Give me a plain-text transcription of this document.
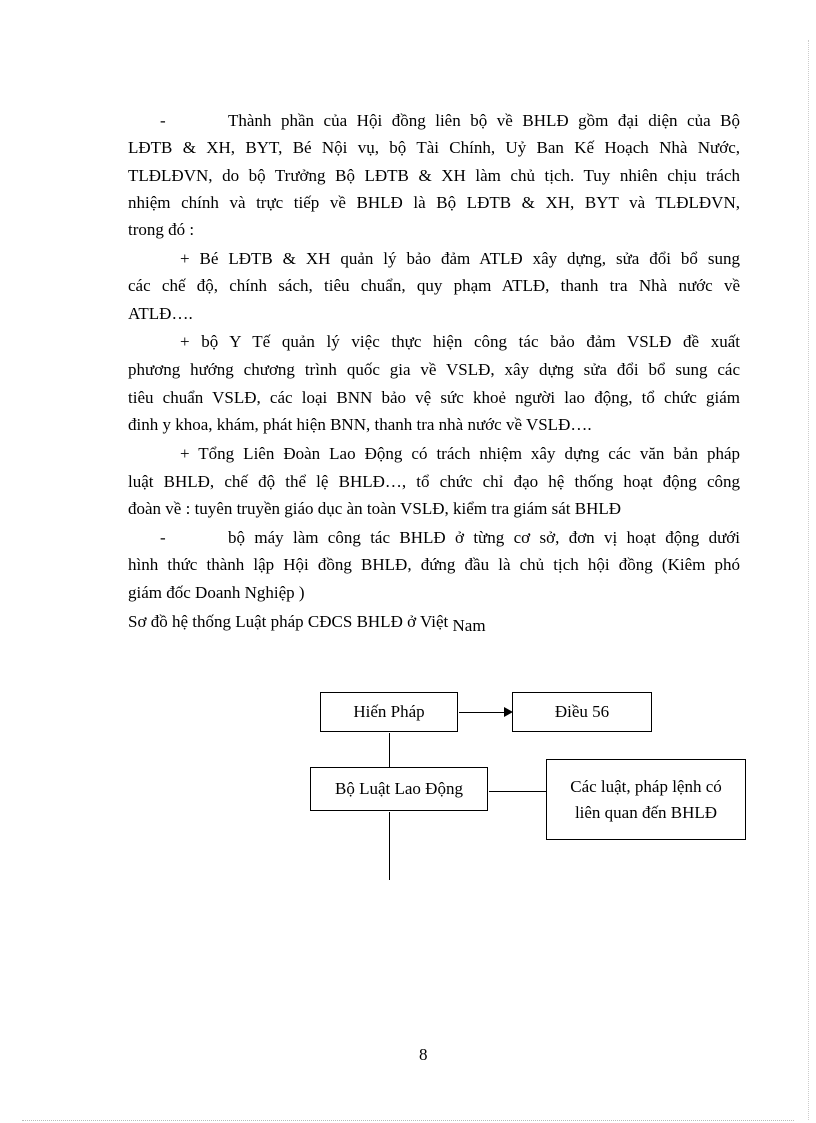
-	Thành phần của Hội đồng liên bộ về BHLĐ gồm đại diện của Bộ
LĐTB & XH, BYT, Bé Nội vụ, bộ Tài Chính, Uỷ Ban Kế Hoạch Nhà Nước,
TLĐLĐVN, do bộ Trưởng Bộ LĐTB & XH làm chủ tịch. Tuy nhiên chịu trách
nhiệm chính và trực tiếp về BHLĐ là Bộ LĐTB & XH, BYT và TLĐLĐVN,
trong đó :
+ Bé LĐTB & XH quản lý bảo đảm ATLĐ xây dựng, sửa đổi bổ sung
các chế độ, chính sách, tiêu chuẩn, quy phạm ATLĐ, thanh tra Nhà nước về
ATLĐ….
+ bộ Y Tế quản lý việc thực hiện công tác bảo đảm VSLĐ đề xuất
phương hướng chương trình quốc gia về VSLĐ, xây dựng sửa đổi bổ sung các
tiêu chuẩn VSLĐ, các loại BNN bảo vệ sức khoẻ người lao động, tổ chức giám
đinh y khoa, khám, phát hiện BNN, thanh tra nhà nước về VSLĐ….
+ Tổng Liên Đoàn Lao Động có trách nhiệm xây dựng các văn bản pháp
luật BHLĐ, chế độ thể lệ BHLĐ…, tổ chức chỉ đạo hệ thống hoạt động công
đoàn về : tuyên truyền giáo dục àn toàn VSLĐ, kiểm tra giám sát BHLĐ
-	bộ máy làm công tác BHLĐ ở từng cơ sở, đơn vị hoạt động dưới
hình thức thành lập Hội đồng BHLĐ, đứng đầu là chủ tịch hội đồng (Kiêm phó
giám đốc Doanh Nghiệp )
Sơ đồ hệ thống Luật pháp CĐCS BHLĐ ở Việt Nam
Hiến Pháp	Điều 56
Bộ Luật Lao Động	Các luật, pháp lệnh có
liên quan đến BHLĐ
8
